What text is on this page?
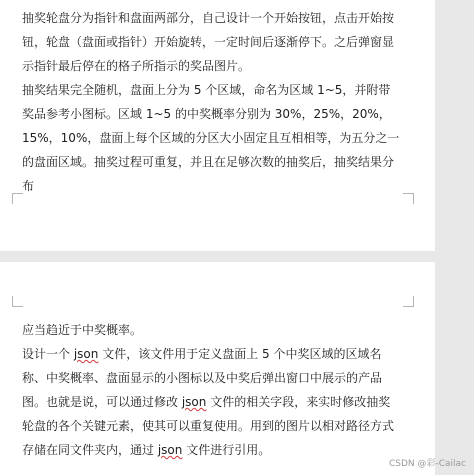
抽奖轮盘分为指针和盘面两部分，自己设计一个开始按钮，点击开始按钮，轮盘（盘面或指针）开始旋转，一定时间后逐渐停下。之后弹窗显示指针最后停在的格子所指示的奖品图片。

抽奖结果完全随机，盘面上分为 5 个区域，命名为区域 1~5，并附带奖品参考小图标。区域 1~5 的中奖概率分别为 30%，25%，20%，15%，10%，盘面上每个区域的分区大小固定且互相相等，为五分之一的盘面区域。抽奖过程可重复，并且在足够次数的抽奖后，抽奖结果分布

应当趋近于中奖概率。

设计一个 json 文件，该文件用于定义盘面上 5 个中奖区域的区域名称、中奖概率、盘面显示的小图标以及中奖后弹出窗口中展示的产品图。也就是说，可以通过修改 json 文件的相关字段，来实时修改抽奖轮盘的各个关键元素，使其可以重复使用。用到的图片以相对路径方式存储在同文件夹内，通过 json 文件进行引用。

CSDN @彩-Cailac
